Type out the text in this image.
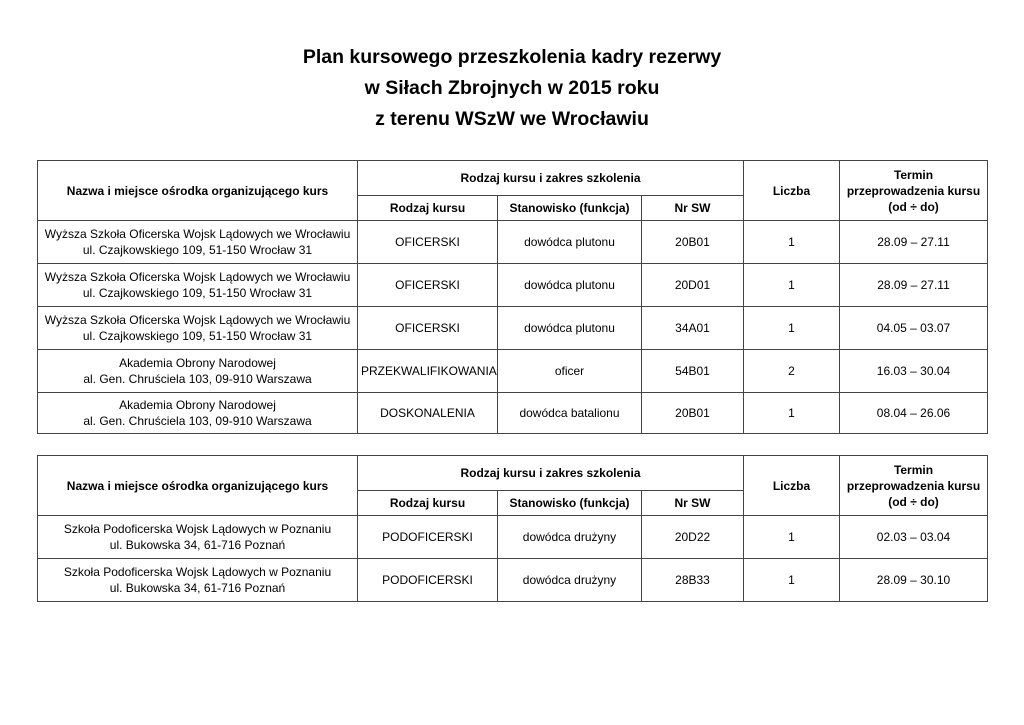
Plan kursowego przeszkolenia kadry rezerwy
w Siłach Zbrojnych w 2015 roku
z terenu WSzW we Wrocławiu
Nazwa i miejsce ośrodka organizującego kurs	Rodzaj kursu i zakres szkolenia			Liczba	Termin
przeprowadzenia kursu
(od ÷ do)

	Rodzaj kursu	Stanowisko (funkcja)	Nr SW		

Wyższa Szkoła Oficerska Wojsk Lądowych we Wrocławiu
ul. Czajkowskiego 109, 51-150 Wrocław 31	OFICERSKI	dowódca plutonu	20B01	1	28.09 – 27.11

Wyższa Szkoła Oficerska Wojsk Lądowych we Wrocławiu
ul. Czajkowskiego 109, 51-150 Wrocław 31	OFICERSKI	dowódca plutonu	20D01	1	28.09 – 27.11

Wyższa Szkoła Oficerska Wojsk Lądowych we Wrocławiu
ul. Czajkowskiego 109, 51-150 Wrocław 31	OFICERSKI	dowódca plutonu	34A01	1	04.05 – 03.07

Akademia Obrony Narodowej
al. Gen. Chruściela 103, 09-910 Warszawa	PRZEKWALIFIKOWANIA	oficer	54B01	2	16.03 – 30.04

Akademia Obrony Narodowej
al. Gen. Chruściela 103, 09-910 Warszawa	DOSKONALENIA	dowódca batalionu	20B01	1	08.04 – 26.06
Nazwa i miejsce ośrodka organizującego kurs	Rodzaj kursu i zakres szkolenia			Liczba	Termin
przeprowadzenia kursu
(od ÷ do)

	Rodzaj kursu	Stanowisko (funkcja)	Nr SW		

Szkoła Podoficerska Wojsk Lądowych w Poznaniu
ul. Bukowska 34, 61-716 Poznań	PODOFICERSKI	dowódca drużyny	20D22	1	02.03 – 03.04

Szkoła Podoficerska Wojsk Lądowych w Poznaniu
ul. Bukowska 34, 61-716 Poznań	PODOFICERSKI	dowódca drużyny	28B33	1	28.09 – 30.10
